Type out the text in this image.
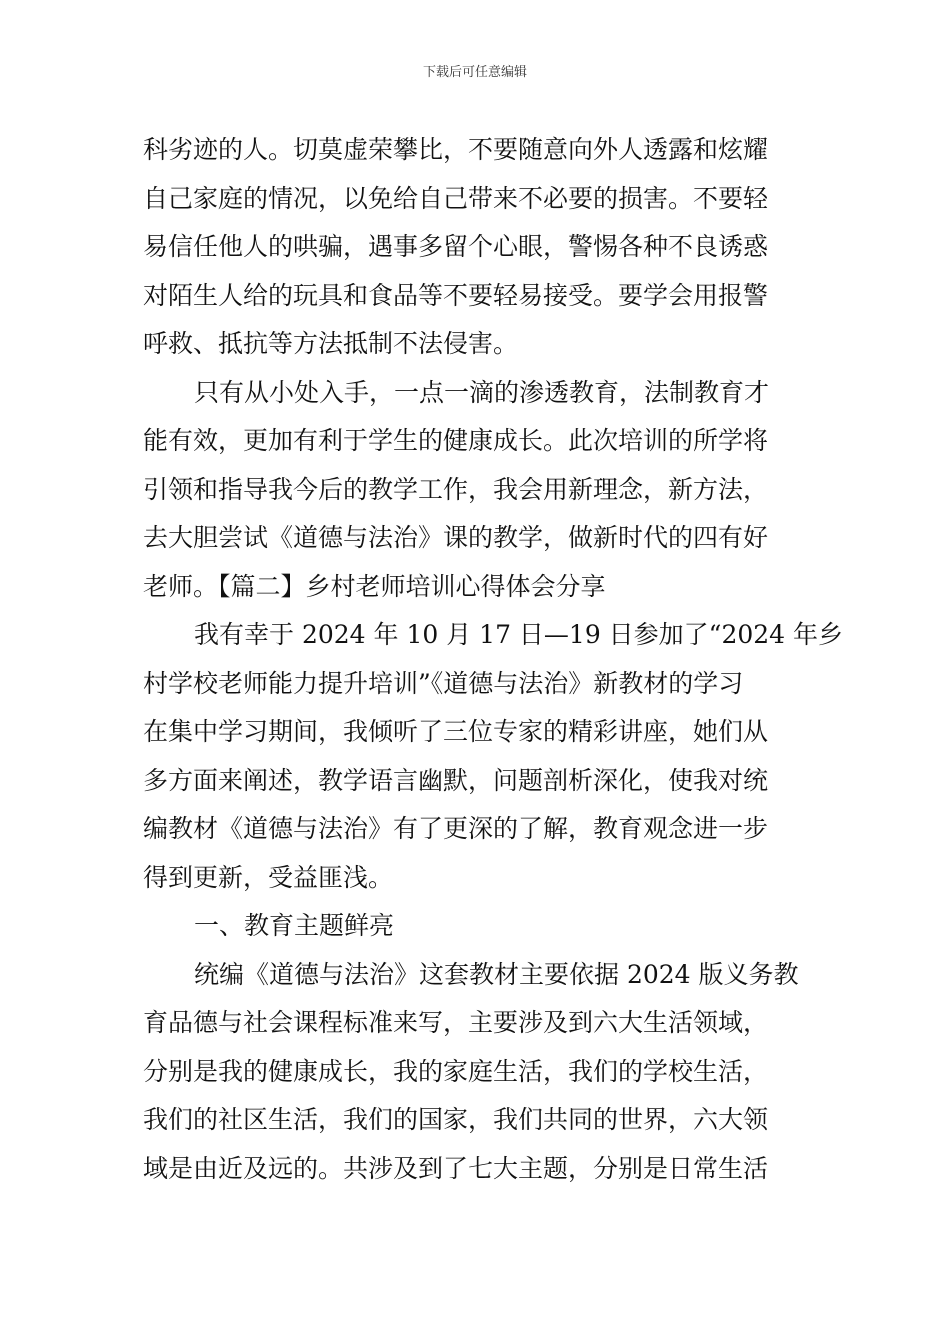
下载后可任意编辑
科劣迹的人。切莫虚荣攀比，不要随意向外人透露和炫耀
自己家庭的情况，以免给自己带来不必要的损害。不要轻
易信任他人的哄骗，遇事多留个心眼，警惕各种不良诱惑
对陌生人给的玩具和食品等不要轻易接受。要学会用报警
呼救、抵抗等方法抵制不法侵害。
只有从小处入手，一点一滴的渗透教育，法制教育才
能有效，更加有利于学生的健康成长。此次培训的所学将
引领和指导我今后的教学工作，我会用新理念，新方法，
去大胆尝试《道德与法治》课的教学，做新时代的四有好
老师。【篇二】乡村老师培训心得体会分享
我有幸于 2024 年 10 月 17 日—19 日参加了“2024 年乡
村学校老师能力提升培训”《道德与法治》新教材的学习
在集中学习期间，我倾听了三位专家的精彩讲座，她们从
多方面来阐述，教学语言幽默，问题剖析深化，使我对统
编教材《道德与法治》有了更深的了解，教育观念进一步
得到更新，受益匪浅。
一、教育主题鲜亮
统编《道德与法治》这套教材主要依据 2024 版义务教
育品德与社会课程标准来写，主要涉及到六大生活领域，
分别是我的健康成长，我的家庭生活，我们的学校生活，
我们的社区生活，我们的国家，我们共同的世界，六大领
域是由近及远的。共涉及到了七大主题，分别是日常生活
